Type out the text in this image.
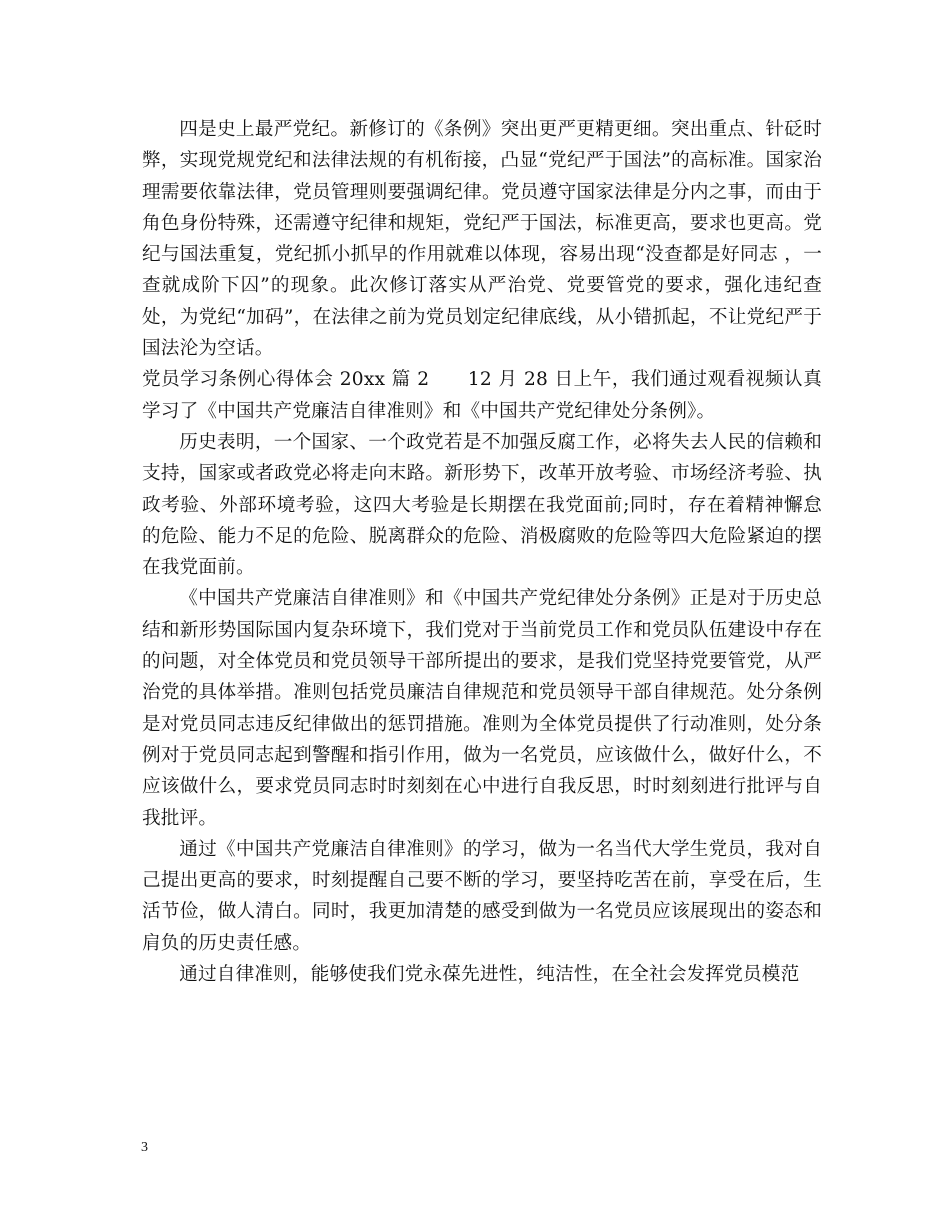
四是史上最严党纪。新修订的《条例》突出更严更精更细。突出重点、针砭时弊，实现党规党纪和法律法规的有机衔接，凸显“党纪严于国法”的高标准。国家治理需要依靠法律，党员管理则要强调纪律。党员遵守国家法律是分内之事，而由于角色身份特殊，还需遵守纪律和规矩，党纪严于国法，标准更高，要求也更高。党纪与国法重复，党纪抓小抓早的作用就难以体现，容易出现“没查都是好同志 ，一查就成阶下囚”的现象。此次修订落实从严治党、党要管党的要求，强化违纪查处，为党纪“加码”，在法律之前为党员划定纪律底线，从小错抓起，不让党纪严于国法沦为空话。

党员学习条例心得体会 20xx 篇 2　　12 月 28 日上午，我们通过观看视频认真学习了《中国共产党廉洁自律准则》和《中国共产党纪律处分条例》。

历史表明，一个国家、一个政党若是不加强反腐工作，必将失去人民的信赖和支持，国家或者政党必将走向末路。新形势下，改革开放考验、市场经济考验、执政考验、外部环境考验，这四大考验是长期摆在我党面前;同时，存在着精神懈怠的危险、能力不足的危险、脱离群众的危险、消极腐败的危险等四大危险紧迫的摆在我党面前。

《中国共产党廉洁自律准则》和《中国共产党纪律处分条例》正是对于历史总结和新形势国际国内复杂环境下，我们党对于当前党员工作和党员队伍建设中存在的问题，对全体党员和党员领导干部所提出的要求，是我们党坚持党要管党，从严治党的具体举措。准则包括党员廉洁自律规范和党员领导干部自律规范。处分条例是对党员同志违反纪律做出的惩罚措施。准则为全体党员提供了行动准则，处分条例对于党员同志起到警醒和指引作用，做为一名党员，应该做什么，做好什么，不应该做什么，要求党员同志时时刻刻在心中进行自我反思，时时刻刻进行批评与自我批评。

通过《中国共产党廉洁自律准则》的学习，做为一名当代大学生党员，我对自己提出更高的要求，时刻提醒自己要不断的学习，要坚持吃苦在前，享受在后，生活节俭，做人清白。同时，我更加清楚的感受到做为一名党员应该展现出的姿态和肩负的历史责任感。

通过自律准则，能够使我们党永葆先进性，纯洁性，在全社会发挥党员模范

3
